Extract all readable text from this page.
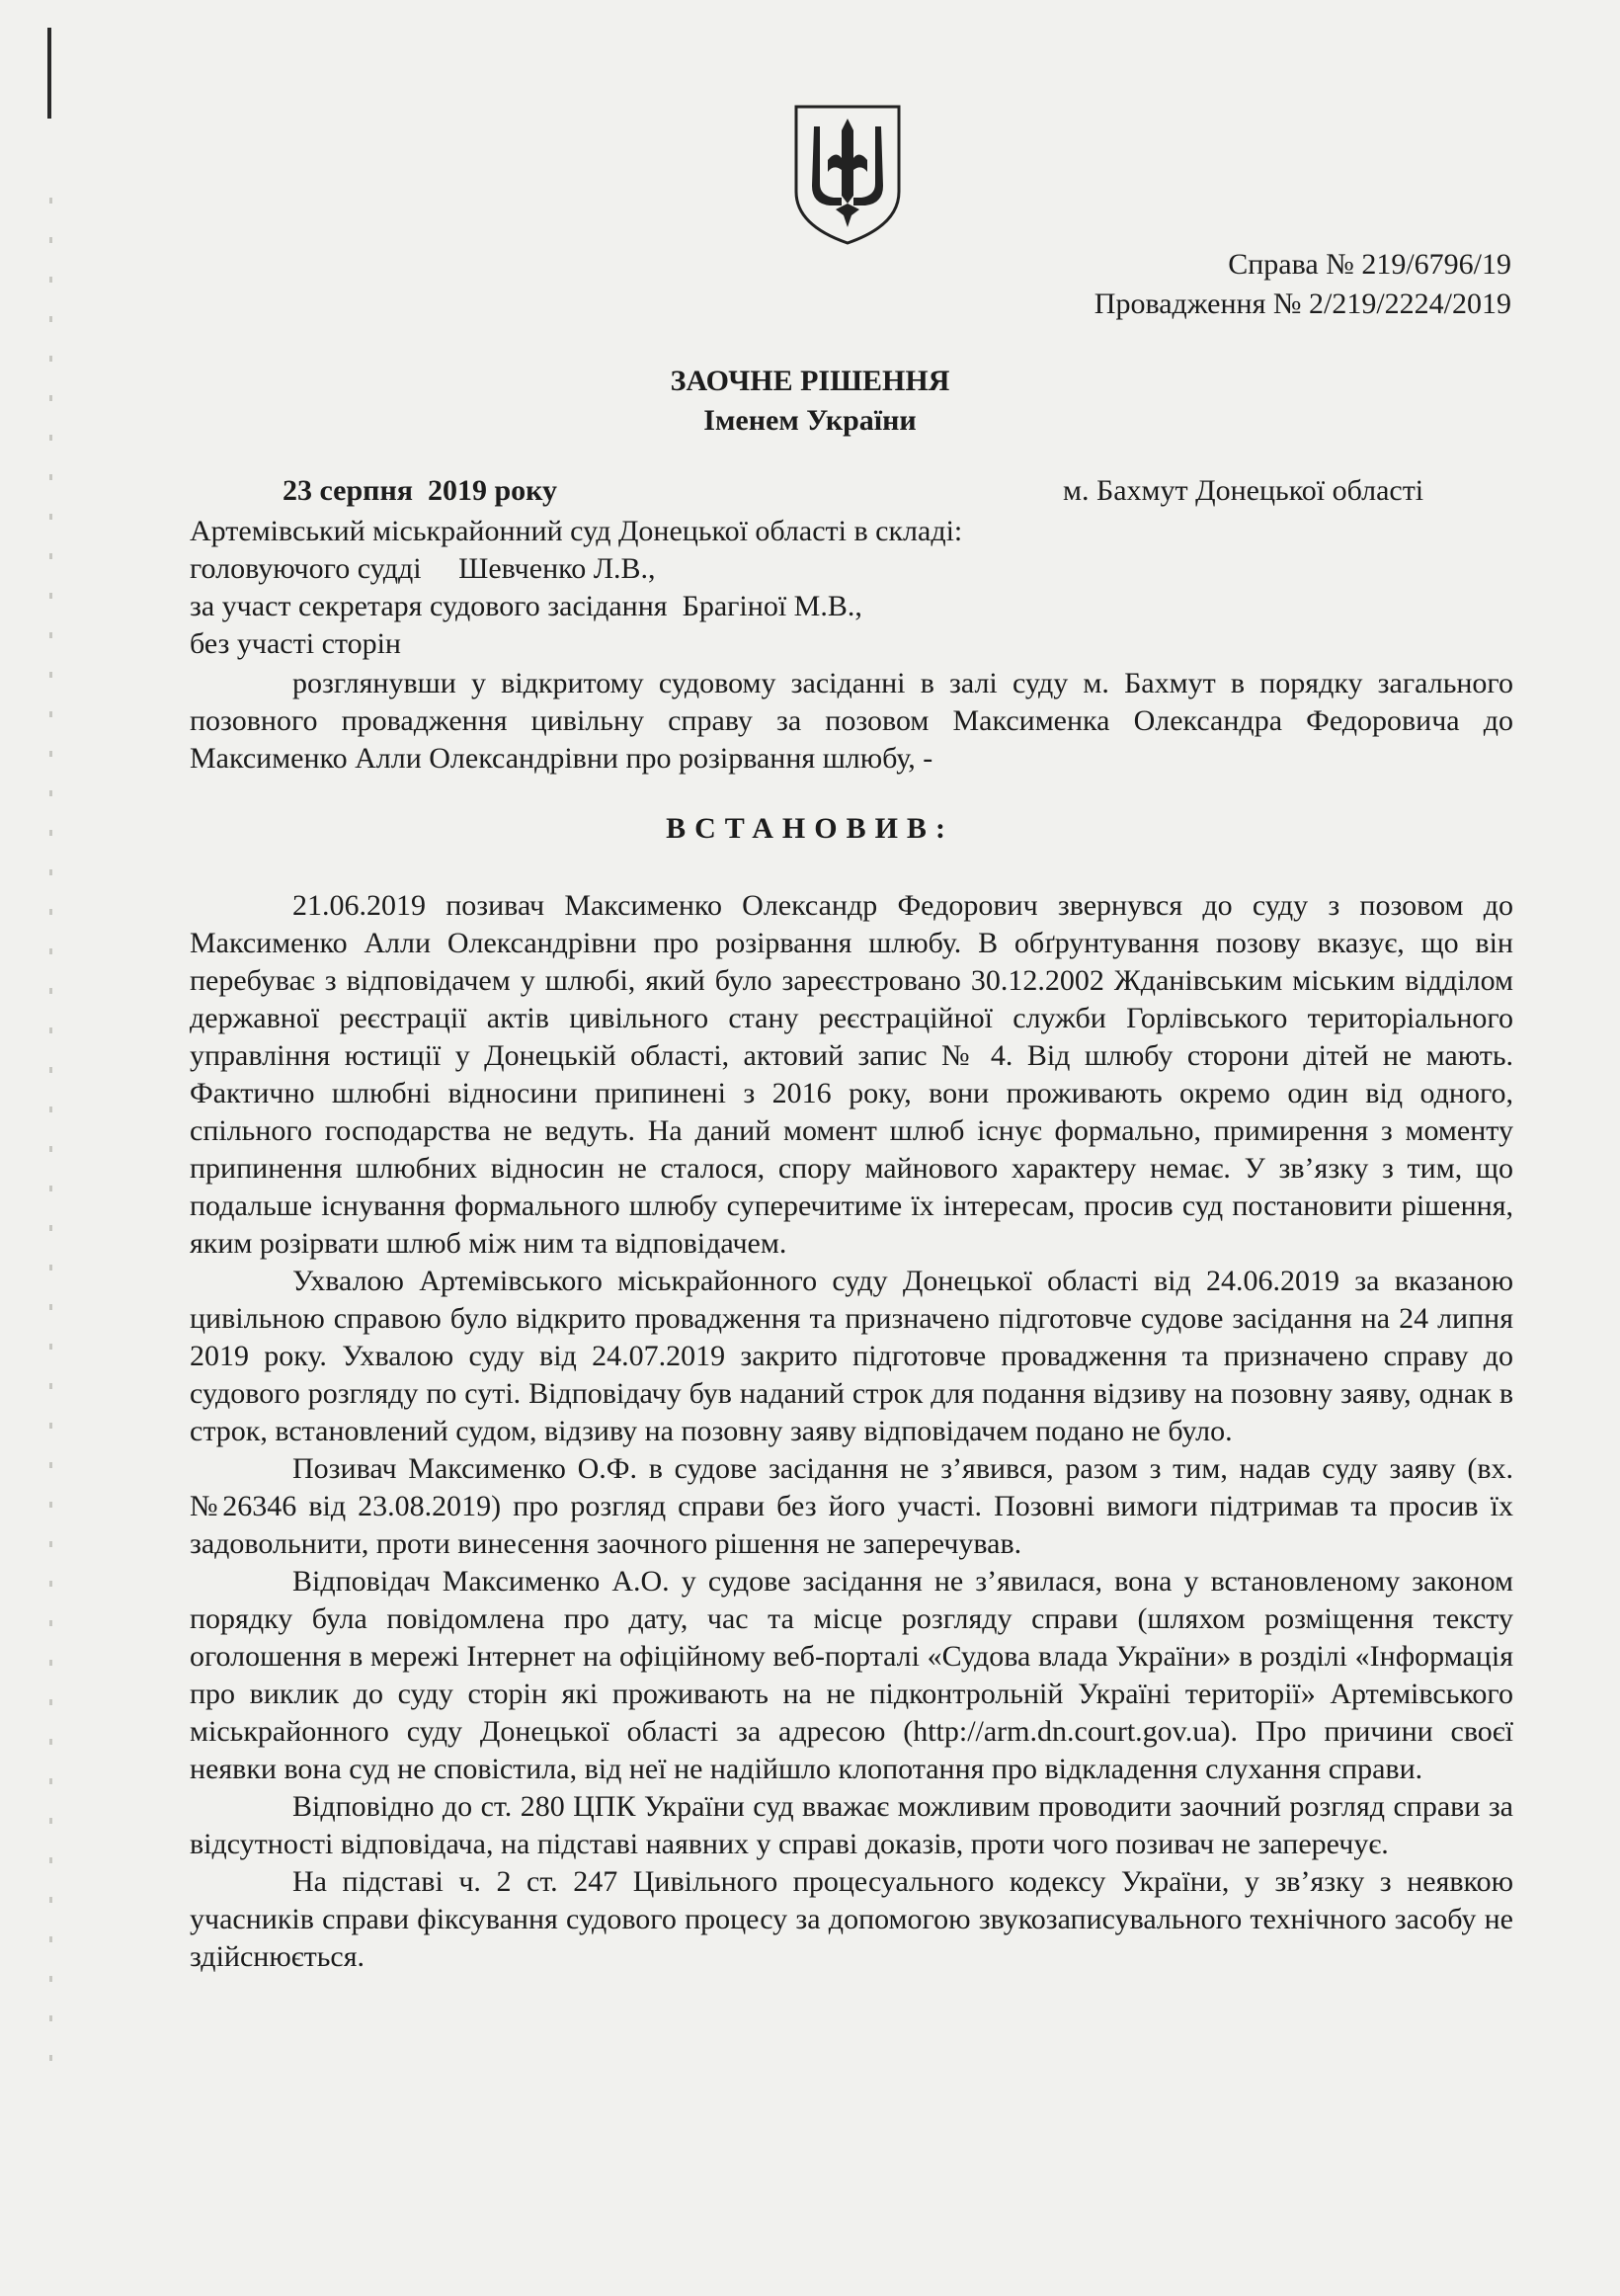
Справа № 219/6796/19
Провадження № 2/219/2224/2019
ЗАОЧНЕ РІШЕННЯ
Іменем України
23 серпня  2019 року	м. Бахмут Донецької області
Артемівський міськрайонний суд Донецької області в складі:
головуючого судді     Шевченко Л.В.,
за участ секретаря судового засідання  Брагіної М.В.,
без участі сторін

розглянувши у відкритому судовому засіданні в залі суду м. Бахмут в порядку загального позовного провадження цивільну справу за позовом Максименка Олександра Федоровича до Максименко Алли Олександрівни про розірвання шлюбу, -

ВСТАНОВИВ:

21.06.2019 позивач Максименко Олександр Федорович звернувся до суду з позовом до Максименко Алли Олександрівни про розірвання шлюбу. В обґрунтування позову вказує, що він перебуває з відповідачем у шлюбі, який було зареєстровано 30.12.2002 Жданівським міським відділом державної реєстрації актів цивільного стану реєстраційної служби Горлівського територіального управління юстиції у Донецькій області, актовий запис № 4. Від шлюбу сторони дітей не мають. Фактично шлюбні відносини припинені з 2016 року, вони проживають окремо один від одного, спільного господарства не ведуть. На даний момент шлюб існує формально, примирення з моменту припинення шлюбних відносин не сталося, спору майнового характеру немає. У зв’язку з тим, що подальше існування формального шлюбу суперечитиме їх інтересам, просив суд постановити рішення, яким розірвати шлюб між ним та відповідачем.

Ухвалою Артемівського міськрайонного суду Донецької області від 24.06.2019 за вказаною цивільною справою було відкрито провадження та призначено підготовче судове засідання на 24 липня 2019 року. Ухвалою суду від 24.07.2019 закрито підготовче провадження та призначено справу до судового розгляду по суті. Відповідачу був наданий строк для подання відзиву на позовну заяву, однак в строк, встановлений судом, відзиву на позовну заяву відповідачем подано не було.

Позивач Максименко О.Ф. в судове засідання не з’явився, разом з тим, надав суду заяву (вх. №26346 від 23.08.2019) про розгляд справи без його участі. Позовні вимоги підтримав та просив їх задовольнити, проти винесення заочного рішення не заперечував.

Відповідач Максименко А.О. у судове засідання не з’явилася, вона у встановленому законом порядку була повідомлена про дату, час та місце розгляду справи (шляхом розміщення тексту оголошення в мережі Інтернет на офіційному веб-порталі «Судова влада України» в розділі «Інформація про виклик до суду сторін які проживають на не підконтрольній Україні території» Артемівського міськрайонного суду Донецької області за адресою (http://arm.dn.court.gov.ua). Про причини своєї неявки вона суд не сповістила, від неї не надійшло клопотання про відкладення слухання справи.

Відповідно до ст. 280 ЦПК України суд вважає можливим проводити заочний розгляд справи за відсутності відповідача, на підставі наявних у справі доказів, проти чого позивач не заперечує.

На підставі ч. 2 ст. 247 Цивільного процесуального кодексу України, у зв’язку з неявкою учасників справи фіксування судового процесу за допомогою звукозаписувального технічного засобу не здійснюється.
